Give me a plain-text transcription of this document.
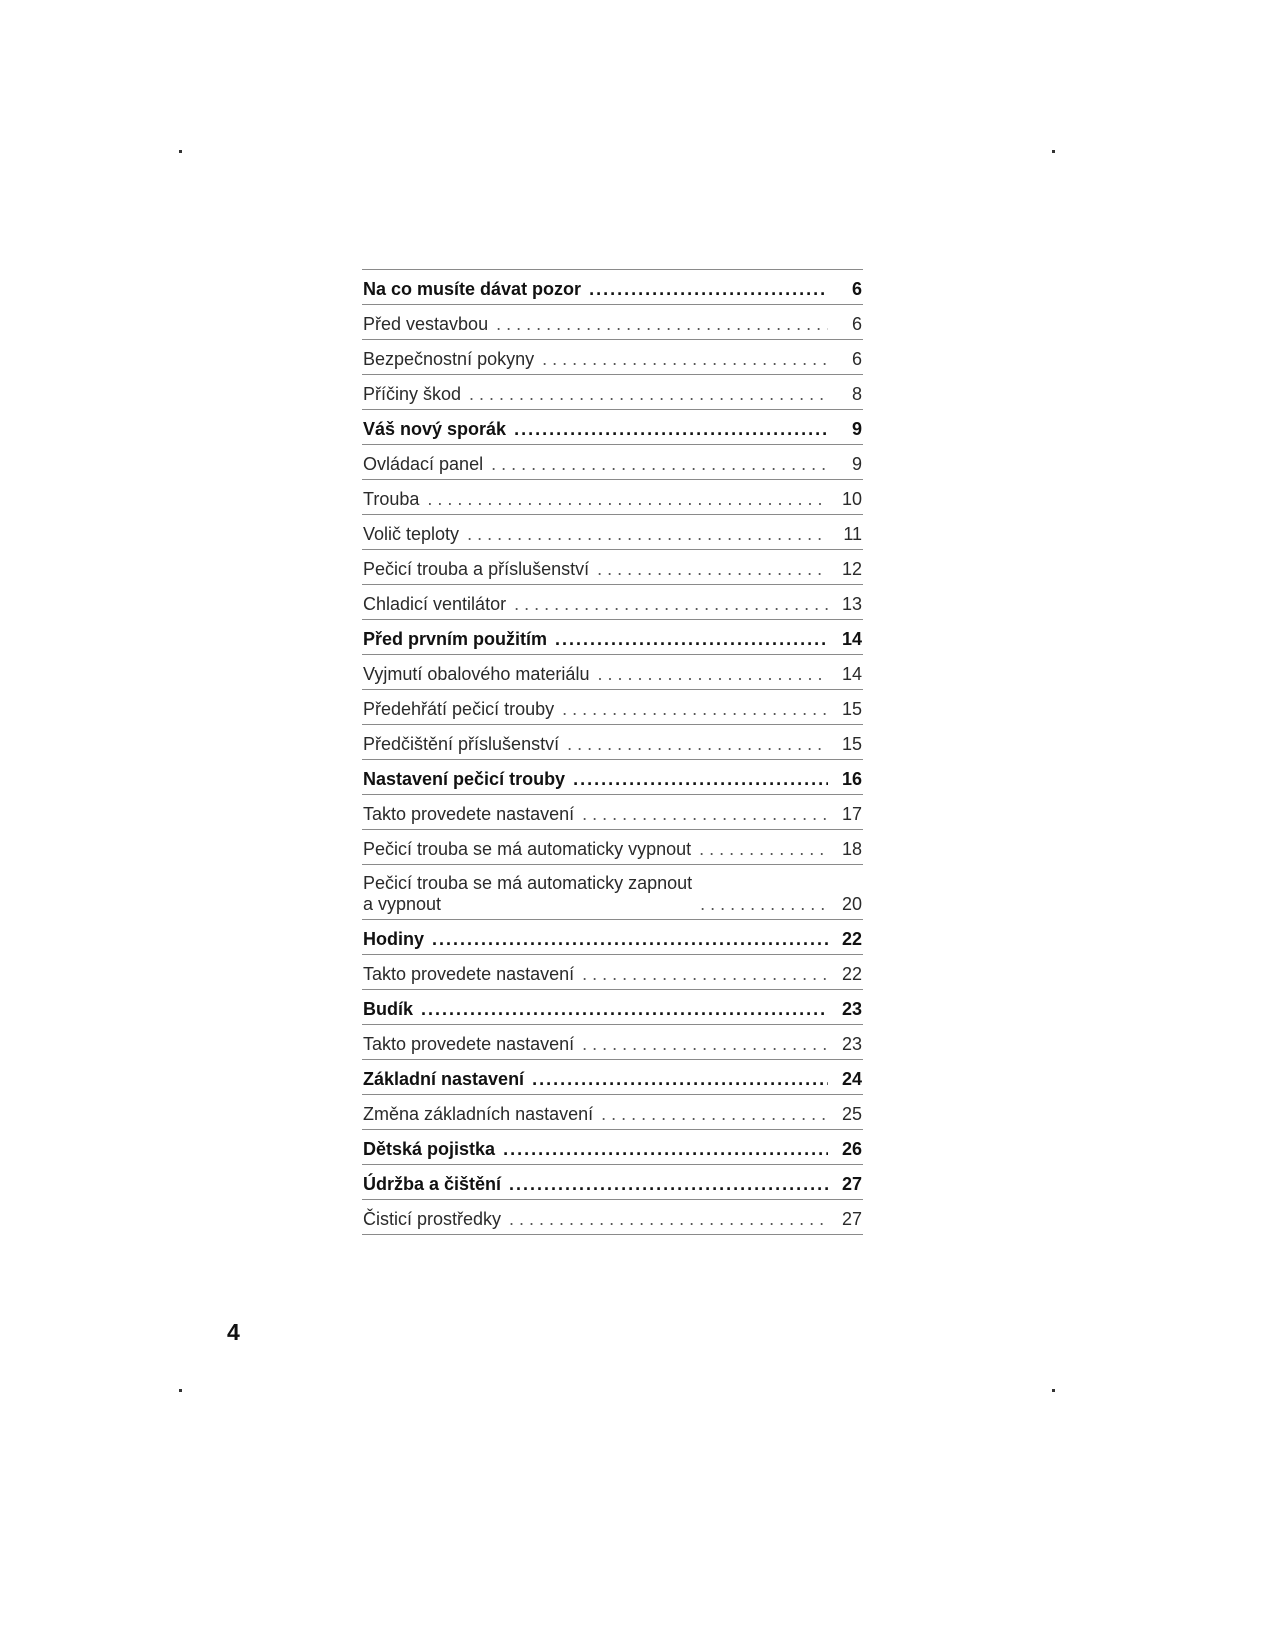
Na co musíte dávat pozor .....	6
Před vestavbou . . .	6
Bezpečnostní pokyny . . .	6
Příčiny škod . . .	8
Váš nový sporák .....	9
Ovládací panel . . .	9
Trouba . . .	10
Volič teploty . . .	11
Pečicí trouba a příslušenství . . .	12
Chladicí ventilátor . . .	13
Před prvním použitím .....	14
Vyjmutí obalového materiálu . . .	14
Předehřátí pečicí trouby . . .	15
Předčištění příslušenství . . .	15
Nastavení pečicí trouby .....	16
Takto provedete nastavení . . .	17
Pečicí trouba se má automaticky vypnout . . .	18
Pečicí trouba se má automaticky zapnout
a vypnout . . .	20
Hodiny .....	22
Takto provedete nastavení . . .	22
Budík .....	23
Takto provedete nastavení . . .	23
Základní nastavení .....	24
Změna základních nastavení . . .	25
Dětská pojistka .....	26
Údržba a čištění .....	27
Čisticí prostředky . . .	27
4
